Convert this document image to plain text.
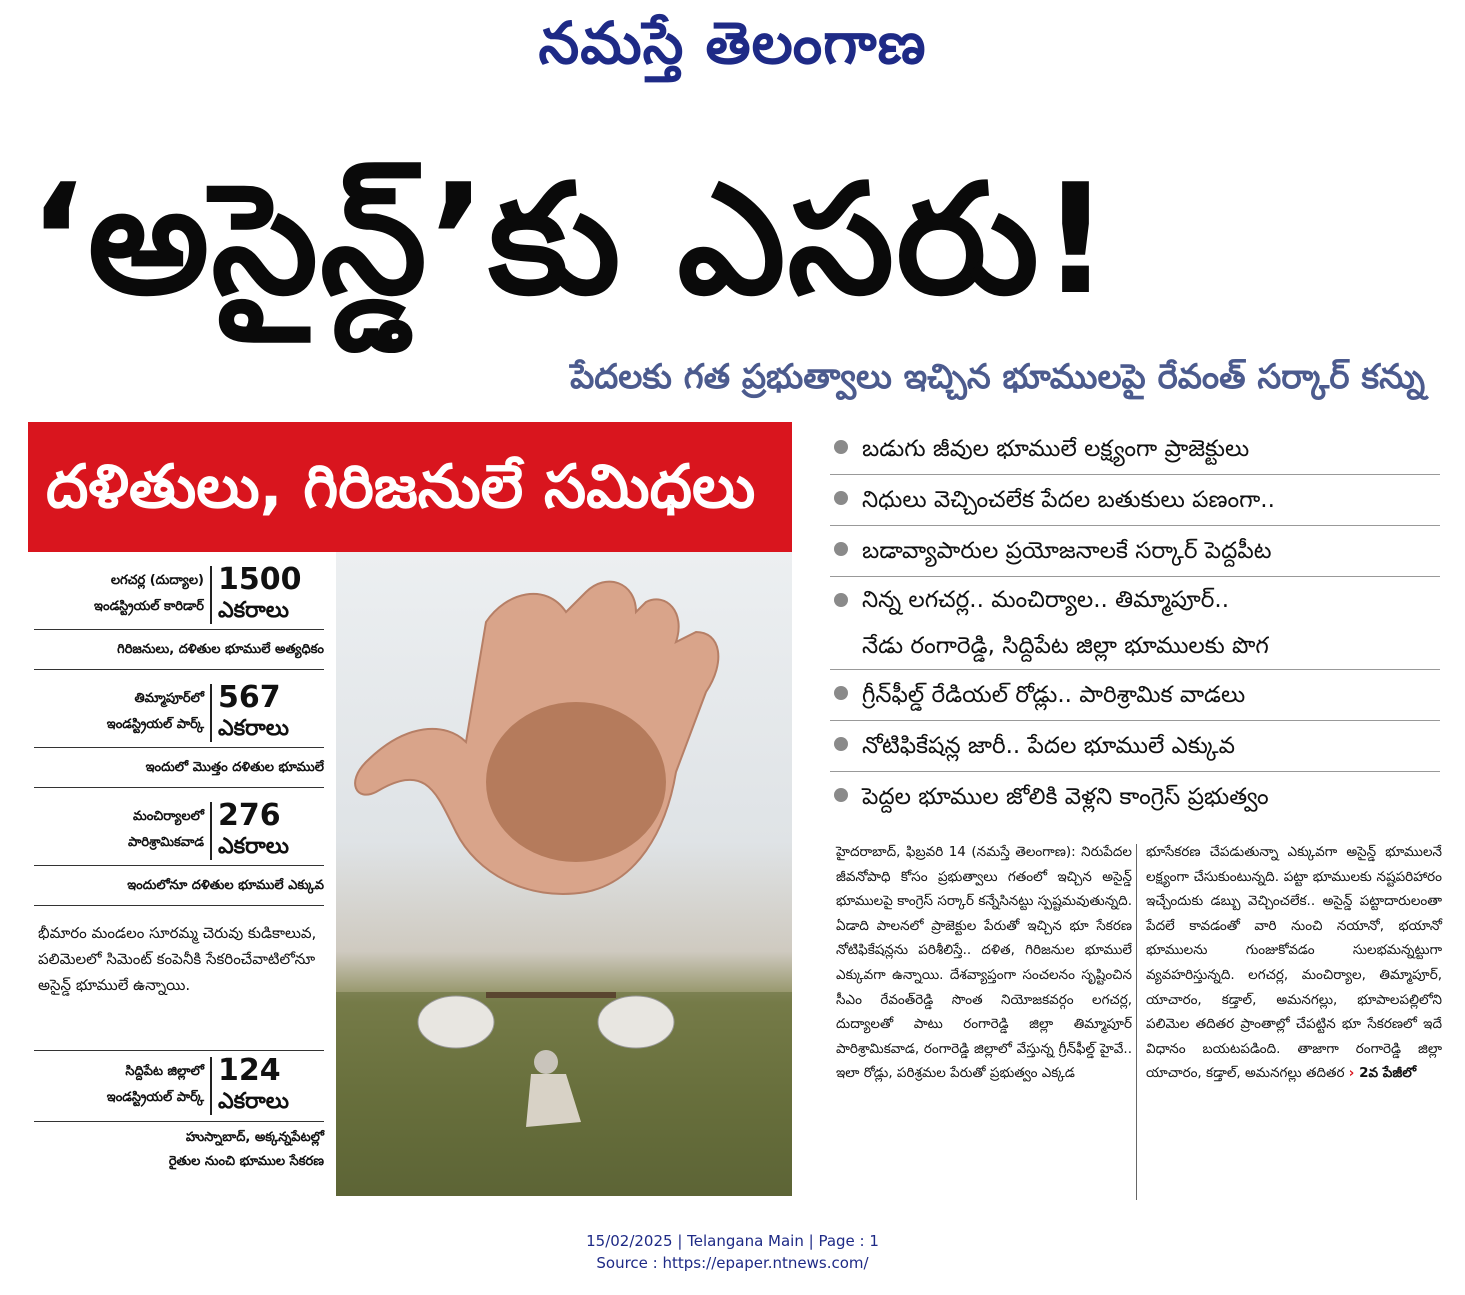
నమస్తే తెలంగాణ
‘అసైన్డ్’కు ఎసరు!
పేదలకు గత ప్రభుత్వాలు ఇచ్చిన భూములపై రేవంత్ సర్కార్ కన్ను
దళితులు, గిరిజనులే సమిధలు
లగచర్ల (దుద్యాల)
ఇండస్ట్రియల్ కారిడార్
1500
ఎకరాలు
గిరిజనులు, దళితుల భూములే అత్యధికం
తిమ్మాపూర్‌లో
ఇండస్ట్రియల్ పార్క్
567
ఎకరాలు
ఇందులో మొత్తం దళితుల భూములే
మంచిర్యాలలో
పారిశ్రామికవాడ
276
ఎకరాలు
ఇందులోనూ దళితుల భూములే ఎక్కువ
భీమారం మండలం సూరమ్మ చెరువు కుడికాలువ, పలిమెలలో సిమెంట్ కంపెనీకి సేకరించేవాటిలోనూ అసైన్డ్ భూములే ఉన్నాయి.
సిద్దిపేట జిల్లాలో
ఇండస్ట్రియల్ పార్క్
124
ఎకరాలు
హుస్నాబాద్, అక్కన్నపేటల్లో
రైతుల నుంచి భూముల సేకరణ
బడుగు జీవుల భూములే లక్ష్యంగా ప్రాజెక్టులు
నిధులు వెచ్చించలేక పేదల బతుకులు పణంగా..
బడావ్యాపారుల ప్రయోజనాలకే సర్కార్ పెద్దపీట
నిన్న లగచర్ల.. మంచిర్యాల.. తిమ్మాపూర్..
నేడు రంగారెడ్డి, సిద్దిపేట జిల్లా భూములకు పొగ
గ్రీన్‌ఫీల్డ్ రేడియల్ రోడ్లు.. పారిశ్రామిక వాడలు
నోటిఫికేషన్ల జారీ.. పేదల భూములే ఎక్కువ
పెద్దల భూముల జోలికి వెళ్లని కాంగ్రెస్ ప్రభుత్వం
హైదరాబాద్, ఫిబ్రవరి 14 (నమస్తే తెలంగాణ): నిరుపేదల జీవనోపాధి కోసం ప్రభుత్వాలు గతంలో ఇచ్చిన అసైన్డ్ భూములపై కాంగ్రెస్ సర్కార్ కన్నేసినట్టు స్పష్టమవుతున్నది. ఏడాది పాలనలో ప్రాజెక్టుల పేరుతో ఇచ్చిన భూ సేకరణ నోటిఫికేషన్లను పరిశీలిస్తే.. దళిత, గిరిజనుల భూములే ఎక్కువగా ఉన్నాయి. దేశవ్యాప్తంగా సంచలనం సృష్టించిన సీఎం రేవంత్‌రెడ్డి సొంత నియోజకవర్గం లగచర్ల, దుద్యాలతో పాటు రంగారెడ్డి జిల్లా తిమ్మాపూర్ పారిశ్రామికవాడ, రంగారెడ్డి జిల్లాలో వేస్తున్న గ్రీన్‌ఫీల్డ్ హైవే.. ఇలా రోడ్లు, పరిశ్రమల పేరుతో ప్రభుత్వం ఎక్కడ
భూసేకరణ చేపడుతున్నా ఎక్కువగా అసైన్డ్ భూములనే లక్ష్యంగా చేసుకుంటున్నది. పట్టా భూములకు నష్టపరిహారం ఇచ్చేందుకు డబ్బు వెచ్చించలేక.. అసైన్డ్ పట్టాదారులంతా పేదలే కావడంతో వారి నుంచి నయానో, భయానో భూములను గుంజుకోవడం సులభమన్నట్టుగా వ్యవహరిస్తున్నది. లగచర్ల, మంచిర్యాల, తిమ్మాపూర్, యాచారం, కడ్తాల్, అమనగల్లు, భూపాలపల్లిలోని పలిమెల తదితర ప్రాంతాల్లో చేపట్టిన భూ సేకరణలో ఇదే విధానం బయటపడింది. తాజాగా రంగారెడ్డి జిల్లా యాచారం, కడ్తాల్, అమనగల్లు తదితర › 2వ పేజీలో
15/02/2025 | Telangana Main | Page : 1
Source : https://epaper.ntnews.com/
